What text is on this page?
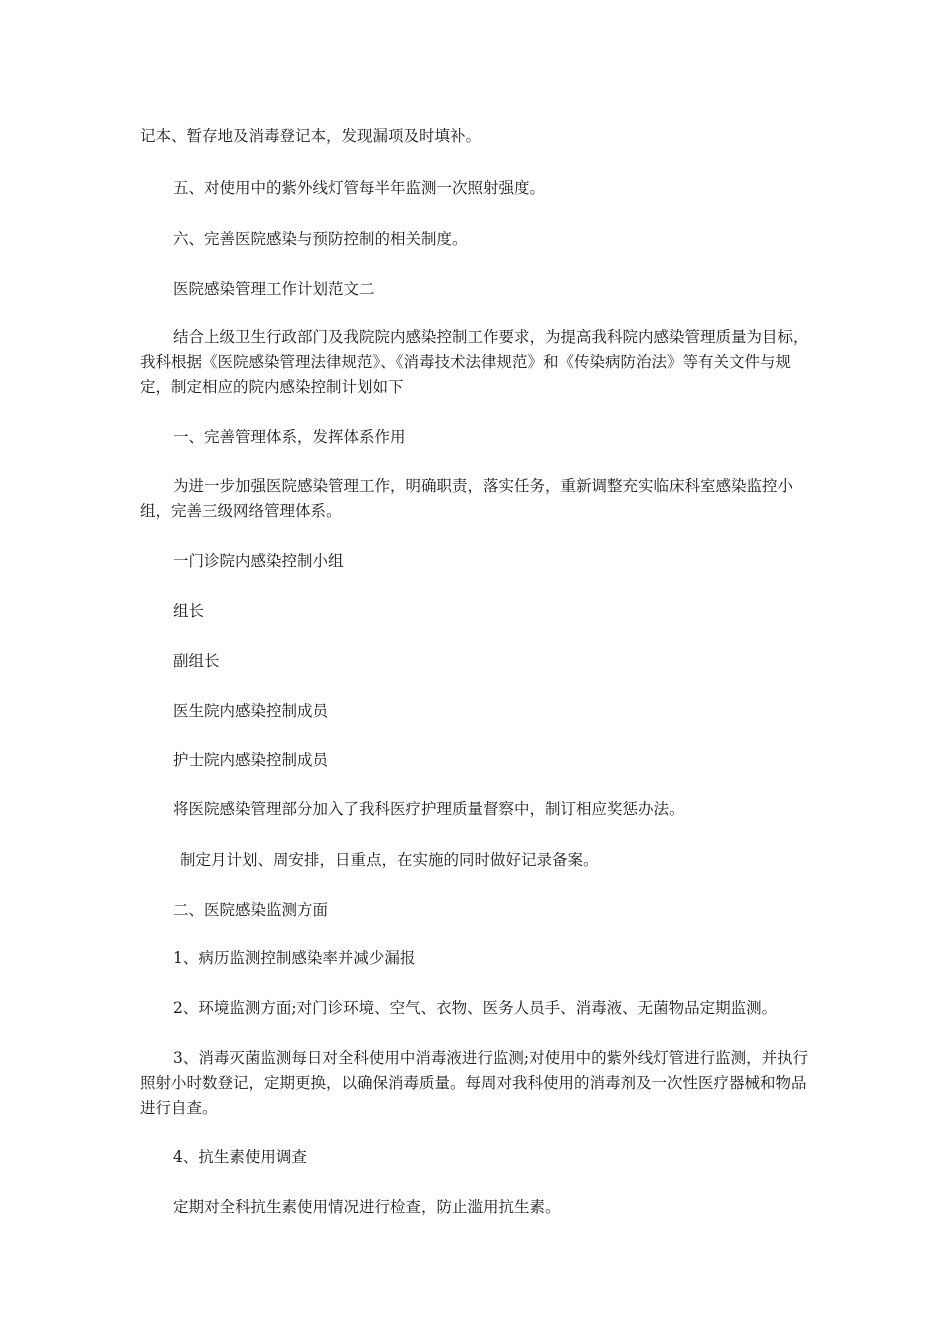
记本、暂存地及消毒登记本，发现漏项及时填补。

五、对使用中的紫外线灯管每半年监测一次照射强度。

六、完善医院感染与预防控制的相关制度。

医院感染管理工作计划范文二

结合上级卫生行政部门及我院院内感染控制工作要求，为提高我科院内感染管理质量为目标，我科根据《医院感染管理法律规范》、《消毒技术法律规范》和《传染病防治法》等有关文件与规定，制定相应的院内感染控制计划如下

一、完善管理体系，发挥体系作用

为进一步加强医院感染管理工作，明确职责，落实任务，重新调整充实临床科室感染监控小组，完善三级网络管理体系。

一门诊院内感染控制小组

组长

副组长

医生院内感染控制成员

护士院内感染控制成员

将医院感染管理部分加入了我科医疗护理质量督察中，制订相应奖惩办法。

制定月计划、周安排，日重点，在实施的同时做好记录备案。

二、医院感染监测方面

1、病历监测控制感染率并减少漏报

2、环境监测方面;对门诊环境、空气、衣物、医务人员手、消毒液、无菌物品定期监测。

3、消毒灭菌监测每日对全科使用中消毒液进行监测;对使用中的紫外线灯管进行监测，并执行照射小时数登记，定期更换，以确保消毒质量。每周对我科使用的消毒剂及一次性医疗器械和物品进行自查。

4、抗生素使用调查

定期对全科抗生素使用情况进行检查，防止滥用抗生素。
